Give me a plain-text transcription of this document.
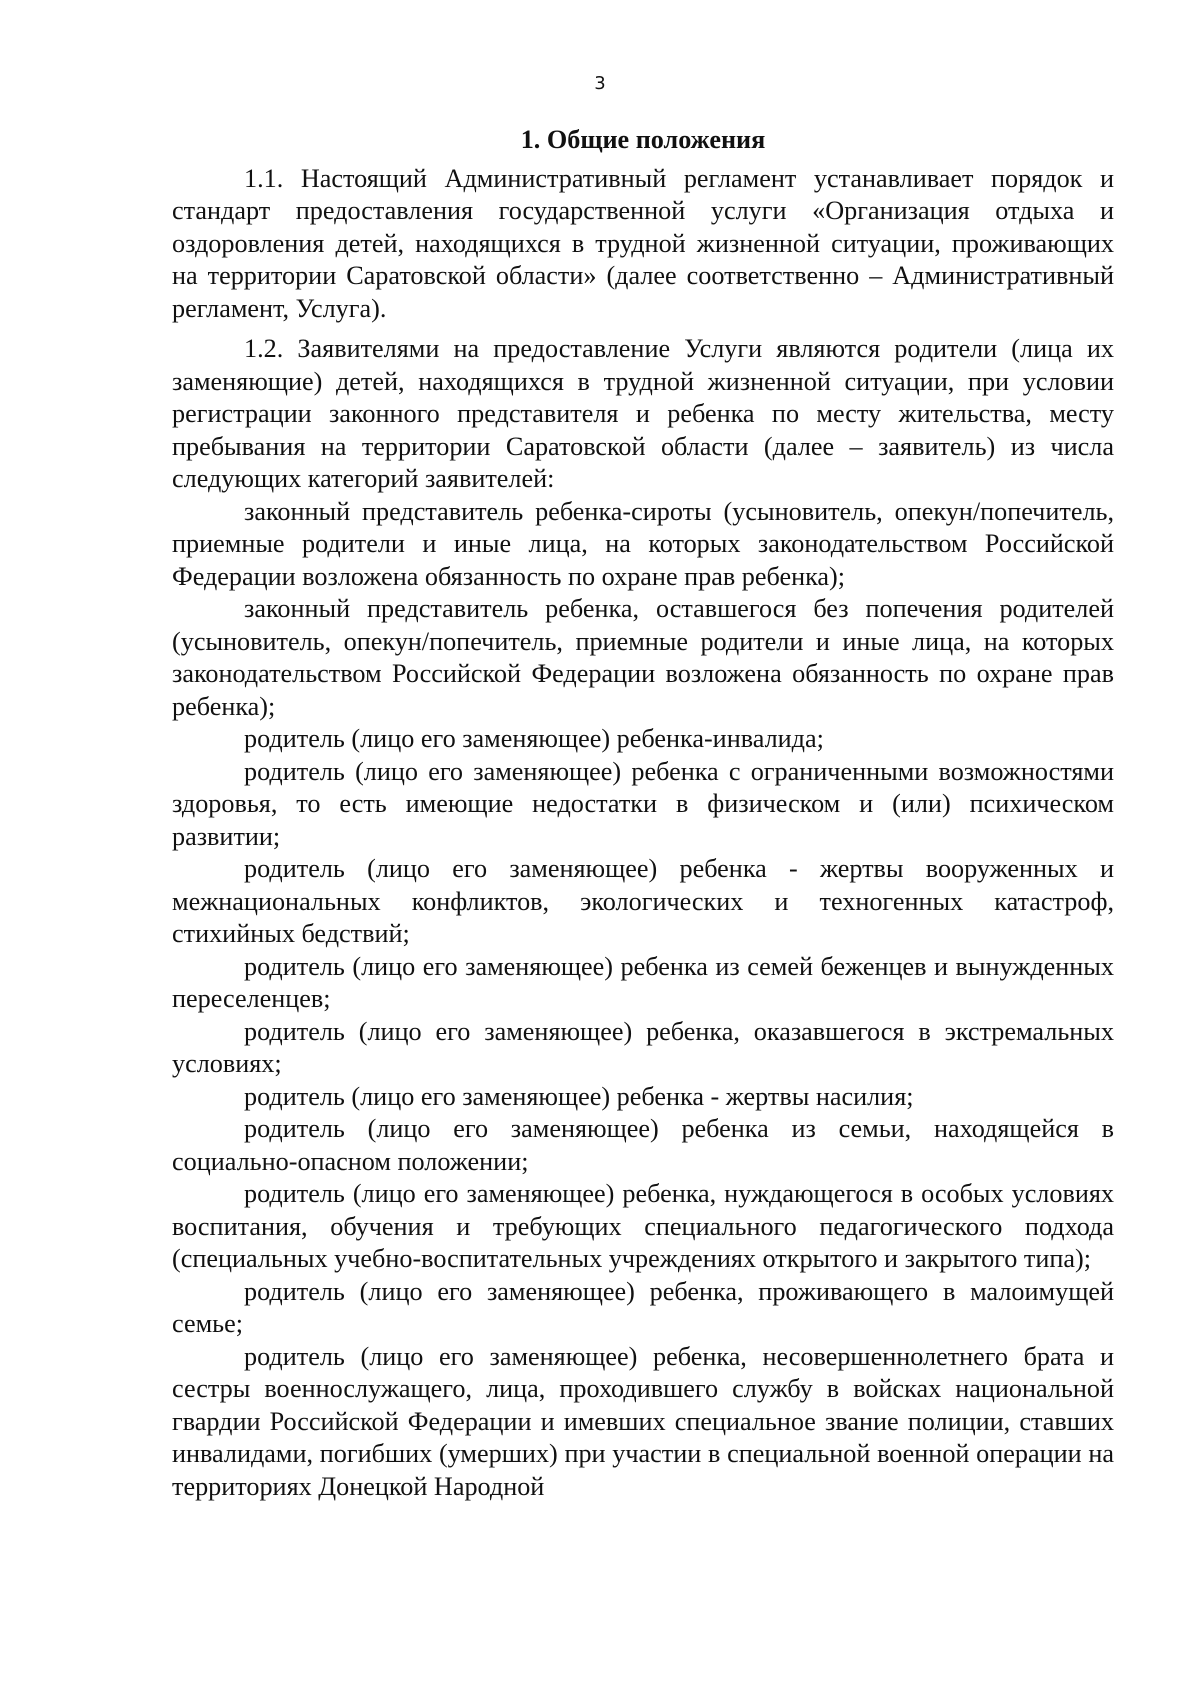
3
1. Общие положения

1.1. Настоящий Административный регламент устанавливает порядок и стандарт предоставления государственной услуги «Организация отдыха и оздоровления детей, находящихся в трудной жизненной ситуации, проживающих на территории Саратовской области» (далее соответственно – Административный регламент, Услуга).

1.2. Заявителями на предоставление Услуги являются родители (лица их заменяющие) детей, находящихся в трудной жизненной ситуации, при условии регистрации законного представителя и ребенка по месту жительства, месту пребывания на территории Саратовской области (далее – заявитель) из числа следующих категорий заявителей:

законный представитель ребенка-сироты (усыновитель, опекун/попечитель, приемные родители и иные лица, на которых законодательством Российской Федерации возложена обязанность по охране прав ребенка);

законный представитель ребенка, оставшегося без попечения родителей (усыновитель, опекун/попечитель, приемные родители и иные лица, на которых законодательством Российской Федерации возложена обязанность по охране прав ребенка);

родитель (лицо его заменяющее) ребенка-инвалида;

родитель (лицо его заменяющее) ребенка с ограниченными возможностями здоровья, то есть имеющие недостатки в физическом и (или) психическом развитии;

родитель (лицо его заменяющее) ребенка - жертвы вооруженных и межнациональных конфликтов, экологических и техногенных катастроф, стихийных бедствий;

родитель (лицо его заменяющее) ребенка из семей беженцев и вынужденных переселенцев;

родитель (лицо его заменяющее) ребенка, оказавшегося в экстремальных условиях;

родитель (лицо его заменяющее) ребенка - жертвы насилия;

родитель (лицо его заменяющее) ребенка из семьи, находящейся в социально-опасном положении;

родитель (лицо его заменяющее) ребенка, нуждающегося в особых условиях воспитания, обучения и требующих специального педагогического подхода (специальных учебно-воспитательных учреждениях открытого и закрытого типа);

родитель (лицо его заменяющее) ребенка, проживающего в малоимущей семье;

родитель (лицо его заменяющее) ребенка, несовершеннолетнего брата и сестры военнослужащего, лица, проходившего службу в войсках национальной гвардии Российской Федерации и имевших специальное звание полиции, ставших инвалидами, погибших (умерших) при участии в специальной военной операции на территориях Донецкой Народной
